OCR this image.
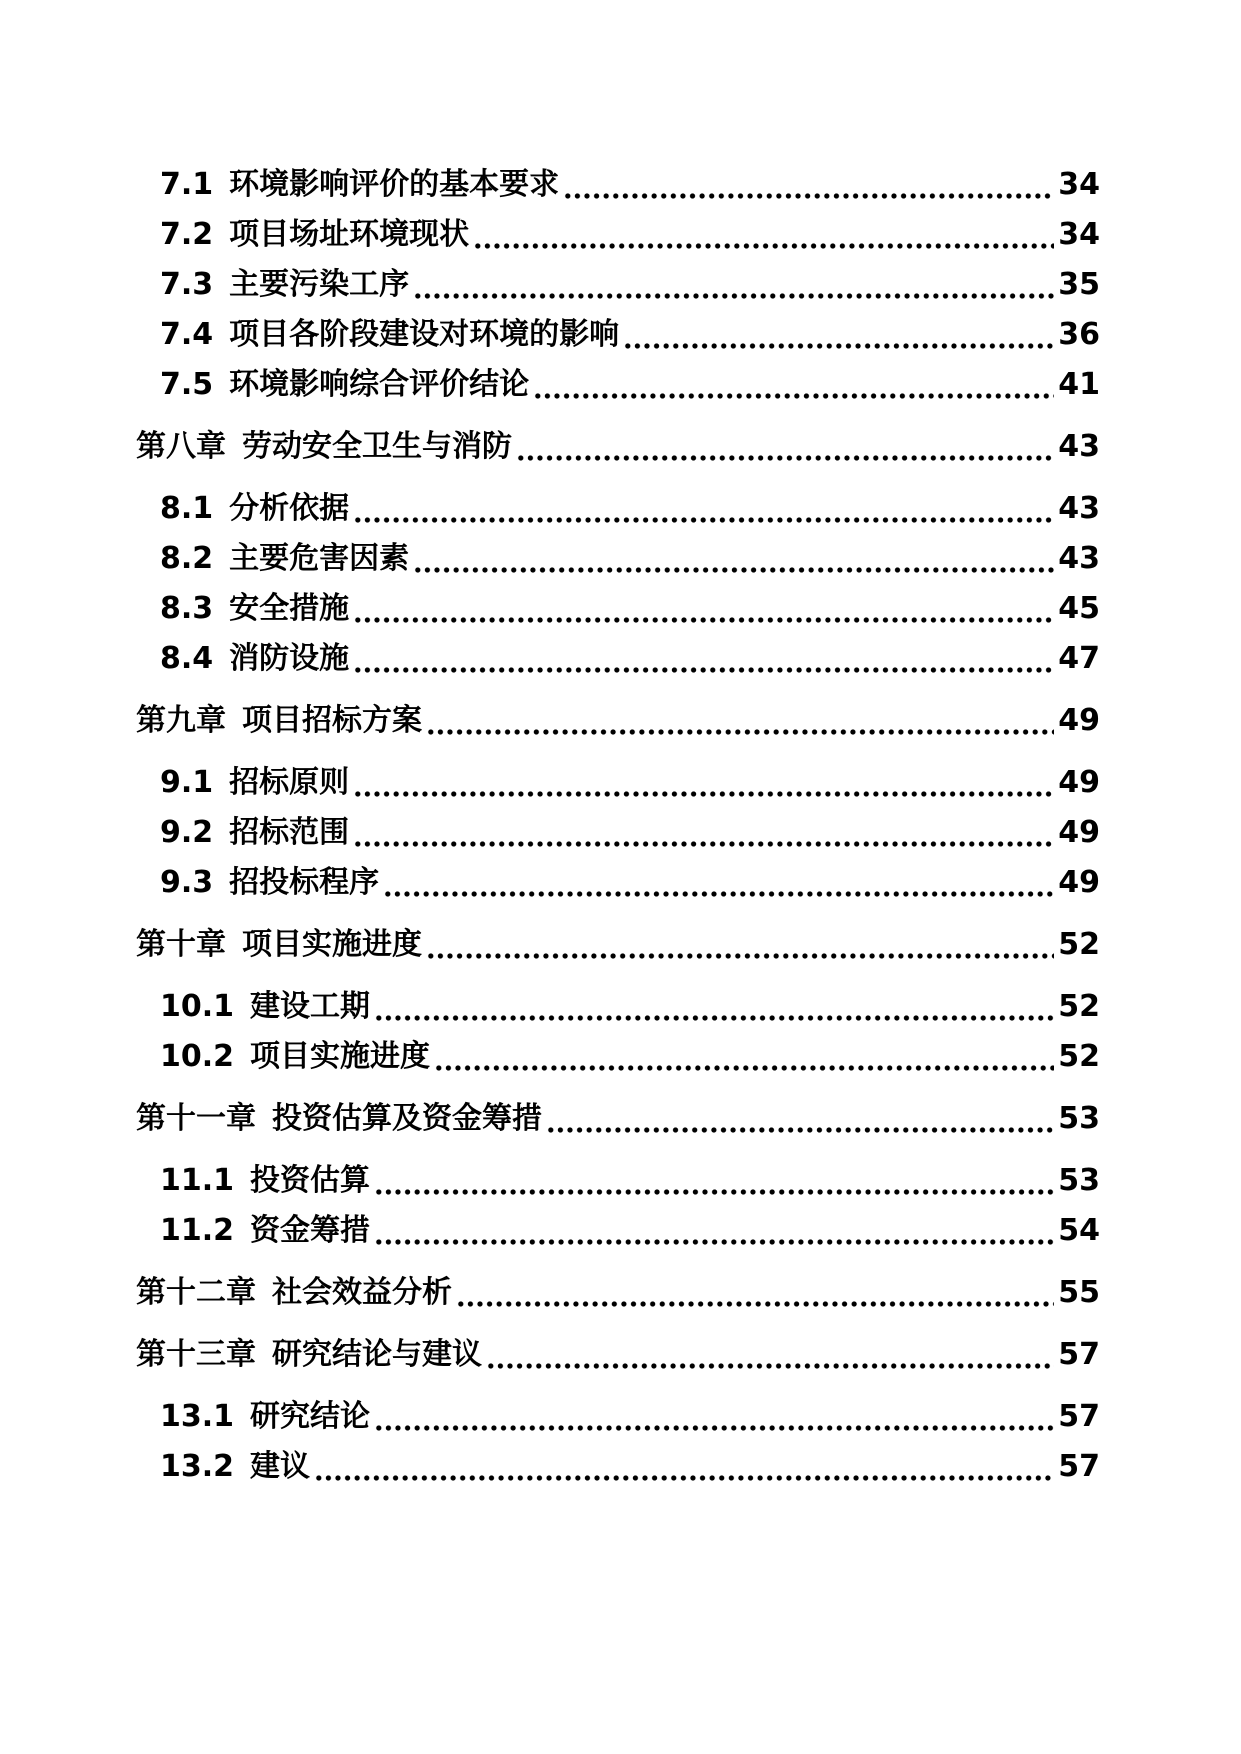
7.1 环境影响评价的基本要求	34
7.2 项目场址环境现状	34
7.3 主要污染工序	35
7.4 项目各阶段建设对环境的影响	36
7.5 环境影响综合评价结论	41
第八章 劳动安全卫生与消防	43
8.1 分析依据	43
8.2 主要危害因素	43
8.3 安全措施	45
8.4 消防设施	47
第九章 项目招标方案	49
9.1 招标原则	49
9.2 招标范围	49
9.3 招投标程序	49
第十章 项目实施进度	52
10.1 建设工期	52
10.2 项目实施进度	52
第十一章 投资估算及资金筹措	53
11.1 投资估算	53
11.2 资金筹措	54
第十二章 社会效益分析	55
第十三章 研究结论与建议	57
13.1 研究结论	57
13.2 建议	57
